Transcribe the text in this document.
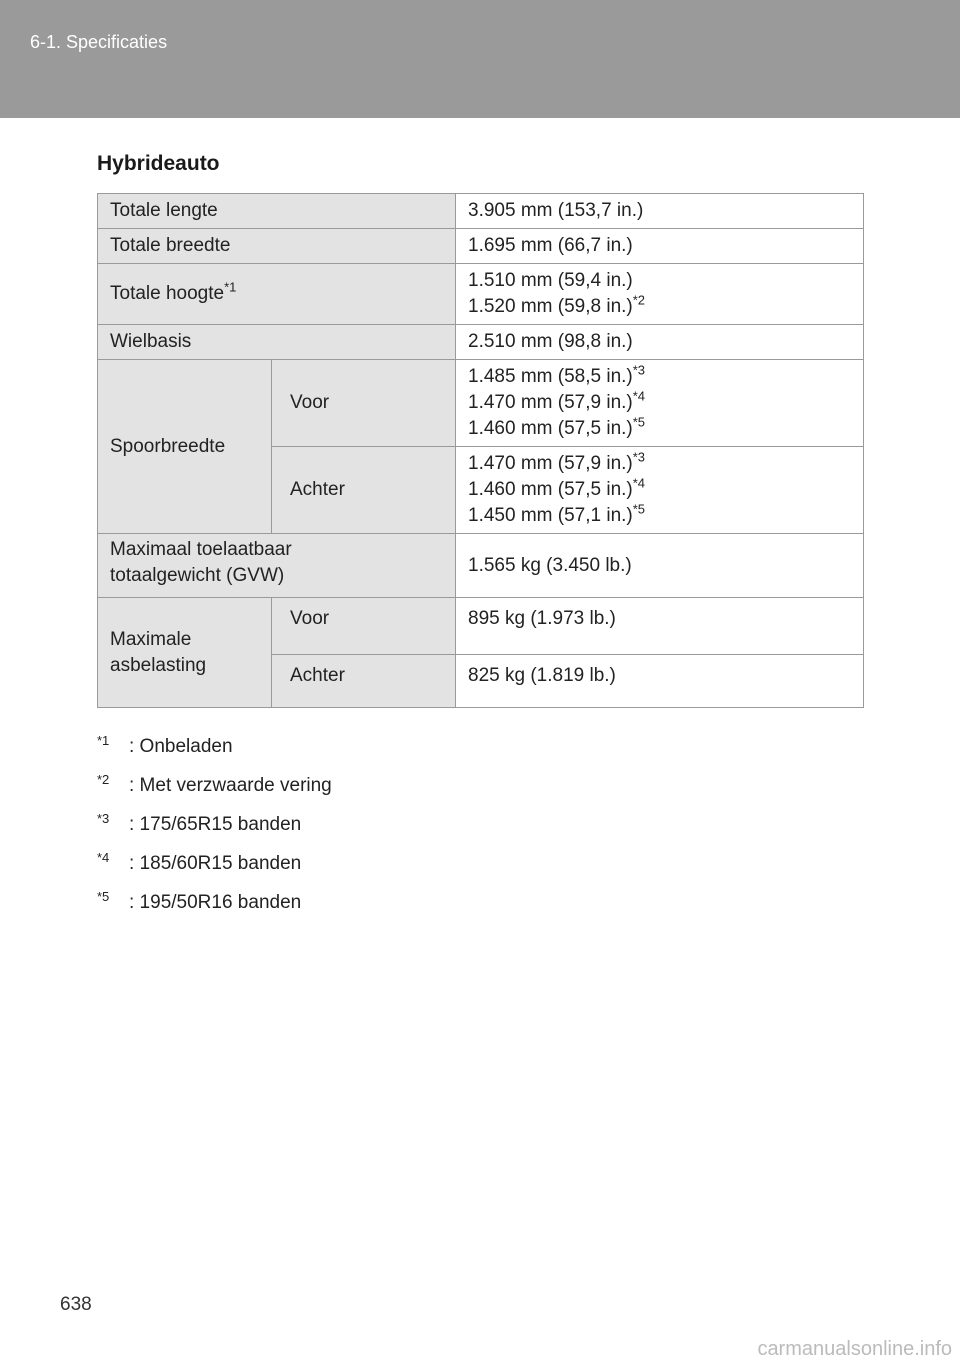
6-1. Specificaties
Hybrideauto
Totale lengte		3.905 mm (153,7 in.)
Totale breedte		1.695 mm (66,7 in.)
Totale hoogte$^{*1}$		1.510 mm (59,4 in.)
1.520 mm (59,8 in.)$^{*2}$

Wielbasis		2.510 mm (98,8 in.)
Spoorbreedte	Voor	1.485 mm (58,5 in.)$^{*3}$
1.470 mm (57,9 in.)$^{*4}$
1.460 mm (57,5 in.)$^{*5}$

	Achter	1.470 mm (57,9 in.)$^{*3}$
1.460 mm (57,5 in.)$^{*4}$
1.450 mm (57,1 in.)$^{*5}$

Maximaal toelaatbaar
totaalgewicht (GVW)		1.565 kg (3.450 lb.)

Maximale
asbelasting	Voor	895 kg (1.973 lb.)
	Achter	825 kg (1.819 lb.)
$^{*1}$ : Onbeladen
$^{*2}$ : Met verzwaarde vering
$^{*3}$ : 175/65R15 banden
$^{*4}$ : 185/60R15 banden
$^{*5}$ : 195/50R16 banden
638
carmanualsonline.info
